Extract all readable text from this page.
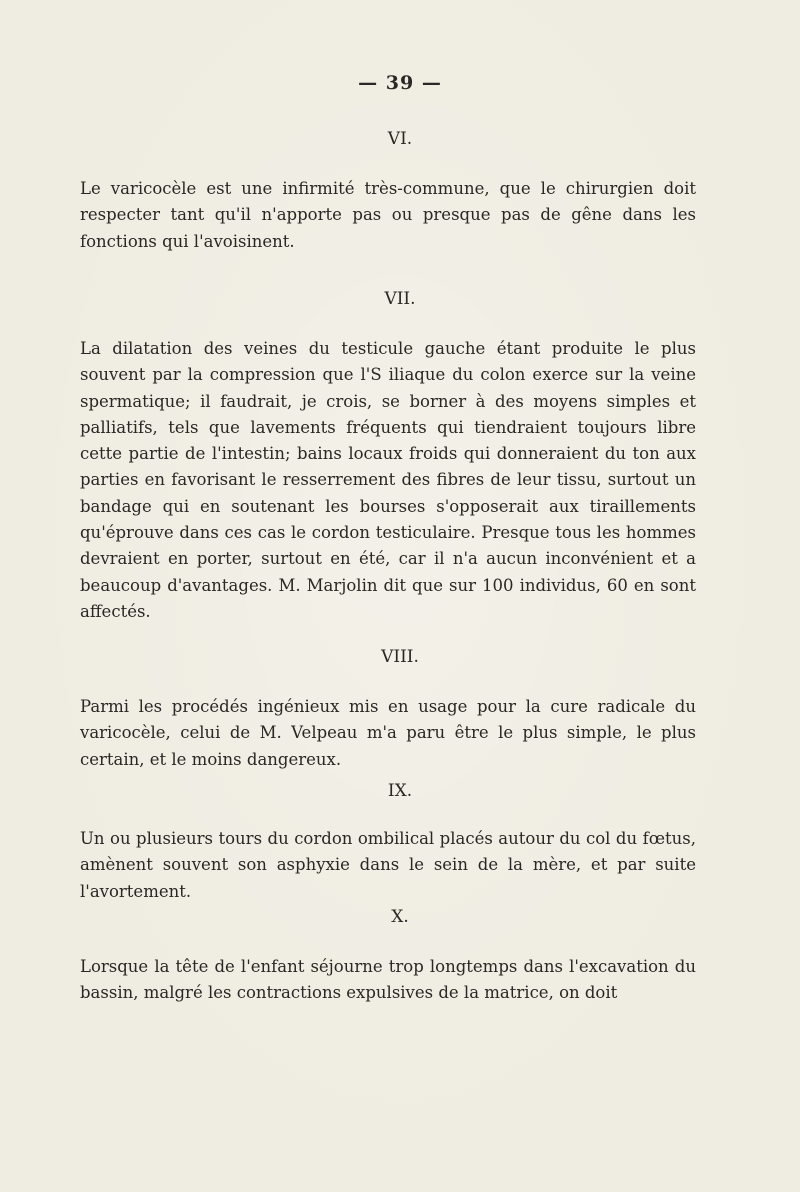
— 39 —
VI.
Le varicocèle est une infirmité très-commune, que le chirurgien doit respecter tant qu'il n'apporte pas ou presque pas de gêne dans les fonctions qui l'avoisinent.
VII.
La dilatation des veines du testicule gauche étant produite le plus souvent par la compression que l'S iliaque du colon exerce sur la veine spermatique; il faudrait, je crois, se borner à des moyens simples et palliatifs, tels que lavements fréquents qui tiendraient toujours libre cette partie de l'intestin; bains locaux froids qui donneraient du ton aux parties en favorisant le resserrement des fibres de leur tissu, surtout un bandage qui en soutenant les bourses s'opposerait aux tiraillements qu'éprouve dans ces cas le cordon testiculaire. Presque tous les hommes devraient en porter, surtout en été, car il n'a aucun inconvénient et a beaucoup d'avantages. M. Marjolin dit que sur 100 individus, 60 en sont affectés.
VIII.
Parmi les procédés ingénieux mis en usage pour la cure radicale du varicocèle, celui de M. Velpeau m'a paru être le plus simple, le plus certain, et le moins dangereux.
IX.
Un ou plusieurs tours du cordon ombilical placés autour du col du fœtus, amènent souvent son asphyxie dans le sein de la mère, et par suite l'avortement.
X.
Lorsque la tête de l'enfant séjourne trop longtemps dans l'excavation du bassin, malgré les contractions expulsives de la matrice, on doit
